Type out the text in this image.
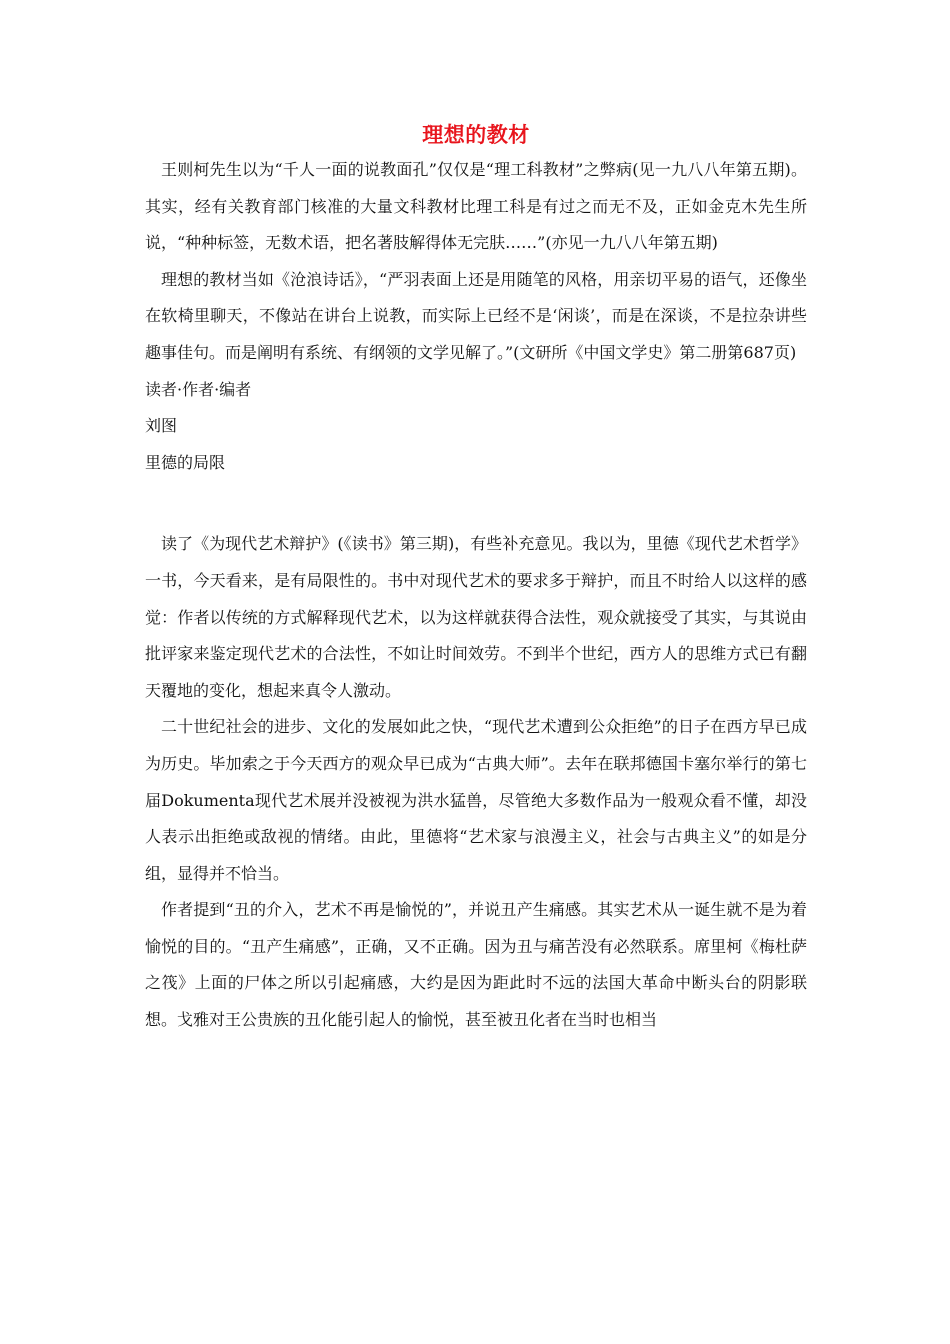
理想的教材

王则柯先生以为“千人一面的说教面孔”仅仅是“理工科教材”之弊病(见一九八八年第五期)。其实，经有关教育部门核准的大量文科教材比理工科是有过之而无不及，正如金克木先生所说，“种种标签，无数术语，把名著肢解得体无完肤……”(亦见一九八八年第五期)

理想的教材当如《沧浪诗话》，“严羽表面上还是用随笔的风格，用亲切平易的语气，还像坐在软椅里聊天，不像站在讲台上说教，而实际上已经不是‘闲谈’，而是在深谈，不是拉杂讲些趣事佳句。而是阐明有系统、有纲领的文学见解了。”(文研所《中国文学史》第二册第687页)

读者·作者·编者

刘图

里德的局限

读了《为现代艺术辩护》(《读书》第三期)，有些补充意见。我以为，里德《现代艺术哲学》一书，今天看来，是有局限性的。书中对现代艺术的要求多于辩护，而且不时给人以这样的感觉：作者以传统的方式解释现代艺术，以为这样就获得合法性，观众就接受了其实，与其说由批评家来鉴定现代艺术的合法性，不如让时间效劳。不到半个世纪，西方人的思维方式已有翻天覆地的变化，想起来真令人激动。

二十世纪社会的进步、文化的发展如此之快，“现代艺术遭到公众拒绝”的日子在西方早已成为历史。毕加索之于今天西方的观众早已成为“古典大师”。去年在联邦德国卡塞尔举行的第七届Dokumenta现代艺术展并没被视为洪水猛兽，尽管绝大多数作品为一般观众看不懂，却没人表示出拒绝或敌视的情绪。由此，里德将“艺术家与浪漫主义，社会与古典主义”的如是分组，显得并不恰当。

作者提到“丑的介入，艺术不再是愉悦的”，并说丑产生痛感。其实艺术从一诞生就不是为着愉悦的目的。“丑产生痛感”，正确，又不正确。因为丑与痛苦没有必然联系。席里柯《梅杜萨之筏》上面的尸体之所以引起痛感，大约是因为距此时不远的法国大革命中断头台的阴影联想。戈雅对王公贵族的丑化能引起人的愉悦，甚至被丑化者在当时也相当
